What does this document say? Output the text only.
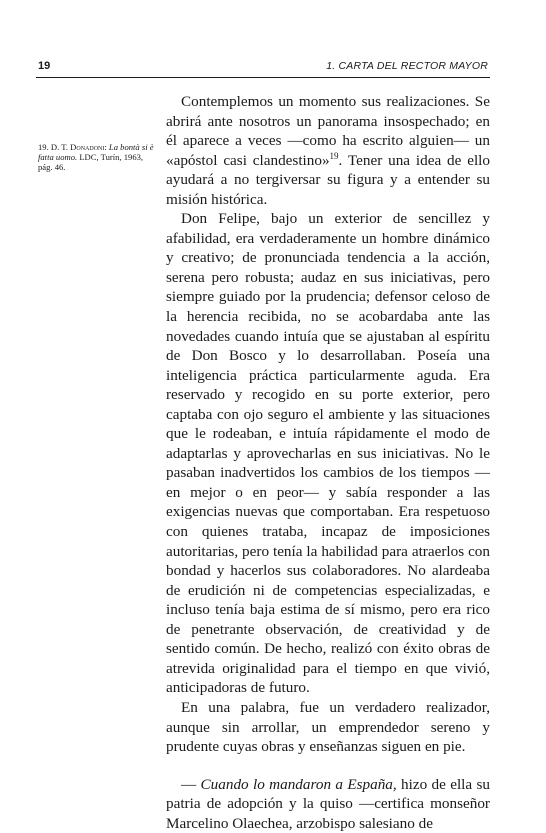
19	1. CARTA DEL RECTOR MAYOR
19. D. T. Donadoni: La bontà si è fatta uomo. LDC, Turín, 1963, pág. 46.

Contemplemos un momento sus realizaciones. Se abrirá ante nosotros un panorama insospechado; en él aparece a veces —como ha escrito alguien— un «apóstol casi clandestino»$^{19}$. Tener una idea de ello ayudará a no tergiversar su figura y a entender su misión histórica.

Don Felipe, bajo un exterior de sencillez y afabilidad, era verdaderamente un hombre dinámico y creativo; de pronunciada tendencia a la acción, serena pero robusta; audaz en sus iniciativas, pero siempre guiado por la prudencia; defensor celoso de la herencia recibida, no se acobardaba ante las novedades cuando intuía que se ajustaban al espíritu de Don Bosco y lo desarrollaban. Poseía una inteligencia práctica particularmente aguda. Era reservado y recogido en su porte exterior, pero captaba con ojo seguro el ambiente y las situaciones que le rodeaban, e intuía rápidamente el modo de adaptarlas y aprovecharlas en sus iniciativas. No le pasaban inadvertidos los cambios de los tiempos —en mejor o en peor— y sabía responder a las exigencias nuevas que comportaban. Era respetuoso con quienes trataba, incapaz de imposiciones autoritarias, pero tenía la habilidad para atraerlos con bondad y hacerlos sus colaboradores. No alardeaba de erudición ni de competencias especializadas, e incluso tenía baja estima de sí mismo, pero era rico de penetrante observación, de creatividad y de sentido común. De hecho, realizó con éxito obras de atrevida originalidad para el tiempo en que vivió, anticipadoras de futuro.

En una palabra, fue un verdadero realizador, aunque sin arrollar, un emprendedor sereno y prudente cuyas obras y enseñanzas siguen en pie.

— Cuando lo mandaron a España, hizo de ella su patria de adopción y la quiso —certifica monseñor Marcelino Olaechea, arzobispo salesiano de
